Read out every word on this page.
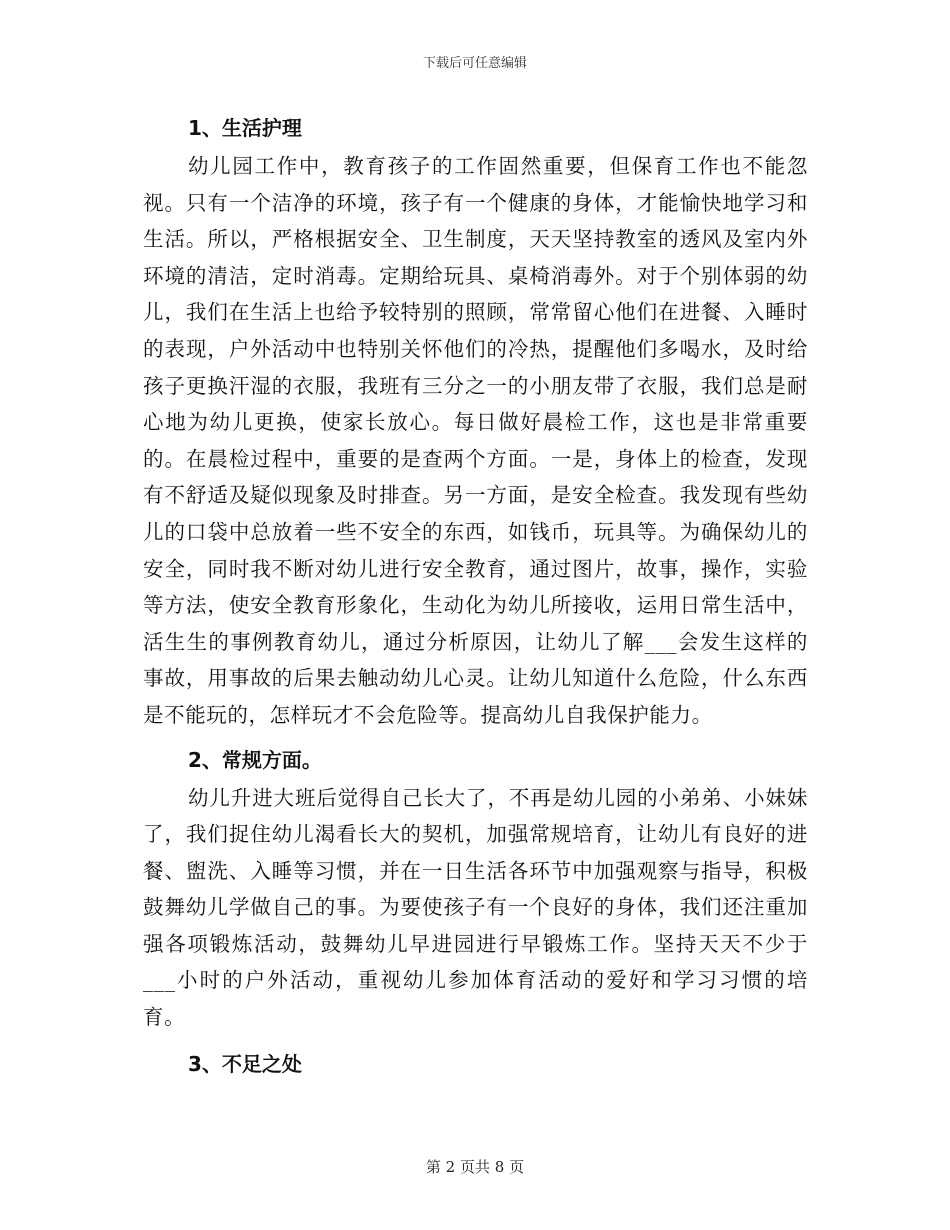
下载后可任意编辑
1、生活护理

幼儿园工作中，教育孩子的工作固然重要，但保育工作也不能忽视。只有一个洁净的环境，孩子有一个健康的身体，才能愉快地学习和生活。所以，严格根据安全、卫生制度，天天坚持教室的透风及室内外环境的清洁，定时消毒。定期给玩具、桌椅消毒外。对于个别体弱的幼儿，我们在生活上也给予较特别的照顾，常常留心他们在进餐、入睡时的表现，户外活动中也特别关怀他们的冷热，提醒他们多喝水，及时给孩子更换汗湿的衣服，我班有三分之一的小朋友带了衣服，我们总是耐心地为幼儿更换，使家长放心。每日做好晨检工作，这也是非常重要的。在晨检过程中，重要的是查两个方面。一是，身体上的检查，发现有不舒适及疑似现象及时排查。另一方面，是安全检查。我发现有些幼儿的口袋中总放着一些不安全的东西，如钱币，玩具等。为确保幼儿的安全，同时我不断对幼儿进行安全教育，通过图片，故事，操作，实验等方法，使安全教育形象化，生动化为幼儿所接收，运用日常生活中，活生生的事例教育幼儿，通过分析原因，让幼儿了解___会发生这样的事故，用事故的后果去触动幼儿心灵。让幼儿知道什么危险，什么东西是不能玩的，怎样玩才不会危险等。提高幼儿自我保护能力。

2、常规方面。

幼儿升进大班后觉得自己长大了，不再是幼儿园的小弟弟、小妹妹了，我们捉住幼儿渴看长大的契机，加强常规培育，让幼儿有良好的进餐、盥洗、入睡等习惯，并在一日生活各环节中加强观察与指导，积极鼓舞幼儿学做自己的事。为要使孩子有一个良好的身体，我们还注重加强各项锻炼活动，鼓舞幼儿早进园进行早锻炼工作。坚持天天不少于___小时的户外活动，重视幼儿参加体育活动的爱好和学习习惯的培育。

3、不足之处
第 2 页共 8 页
